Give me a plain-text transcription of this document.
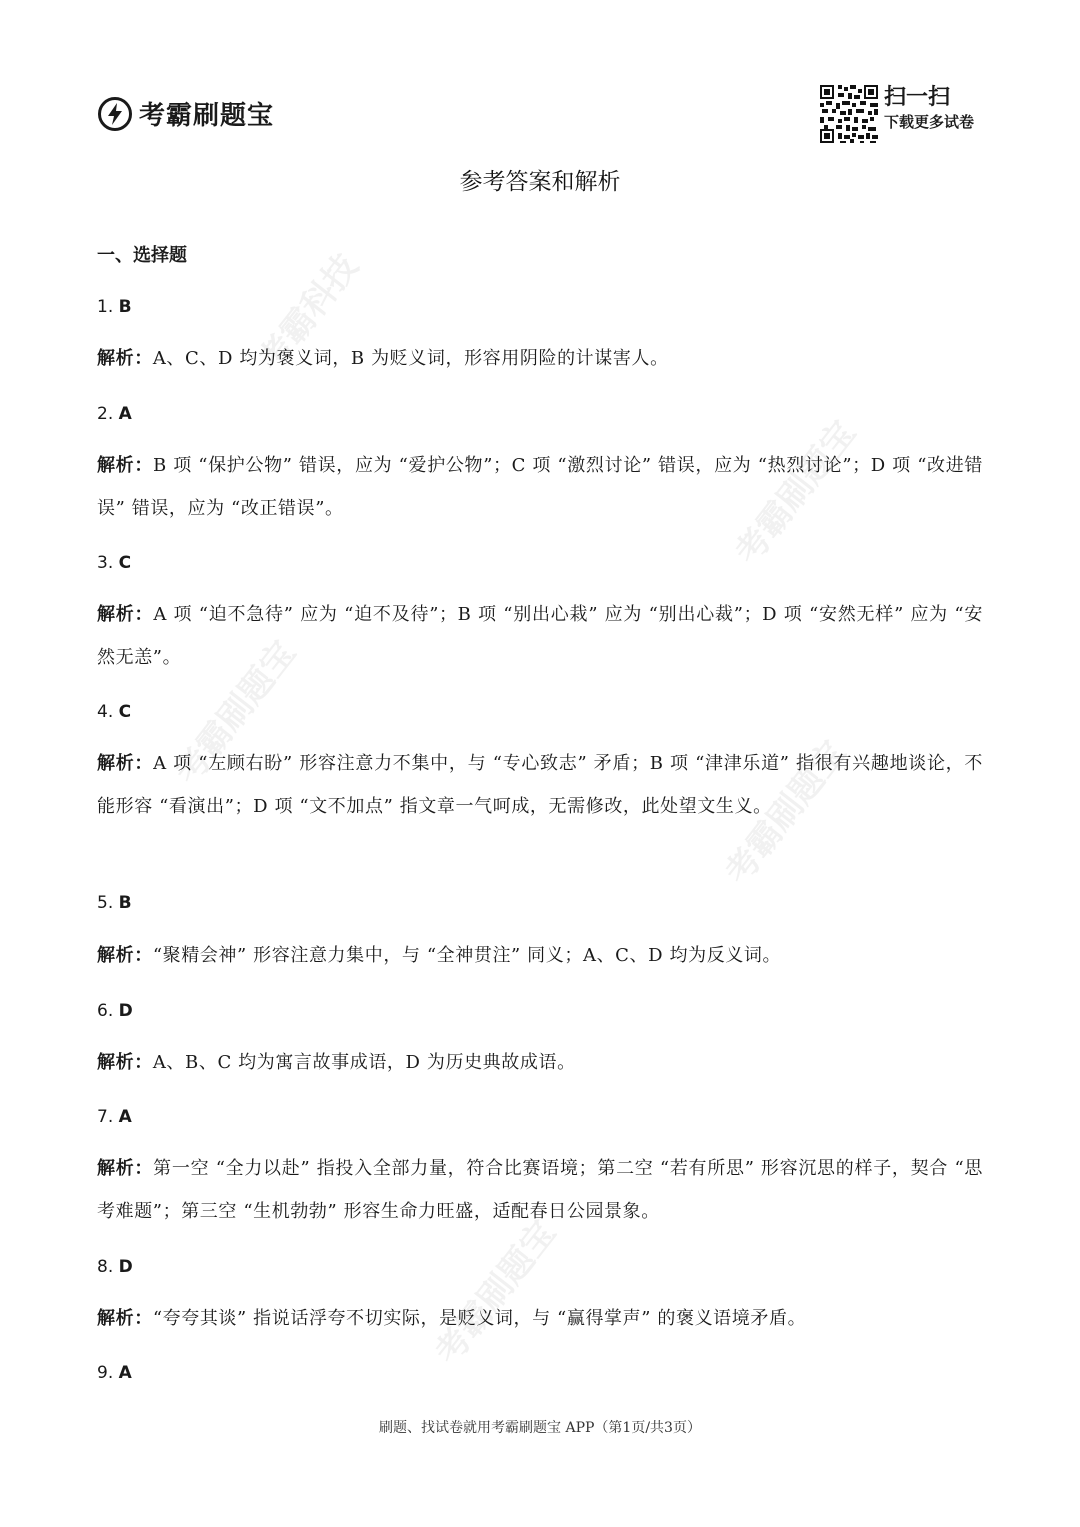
考霸科技
考霸刷题宝
考霸刷题宝
考霸刷题宝
考霸刷题宝
考霸刷题宝
扫一扫
下载更多试卷
参考答案和解析
一、选择题
1. B
解析：A、C、D 均为褒义词，B 为贬义词，形容用阴险的计谋害人。
2. A
解析：B 项 “保护公物” 错误，应为 “爱护公物”；C 项 “激烈讨论” 错误，应为 “热烈讨论”；D 项 “改进错误” 错误，应为 “改正错误”。
3. C
解析：A 项 “迫不急待” 应为 “迫不及待”；B 项 “别出心栽” 应为 “别出心裁”；D 项 “安然无样” 应为 “安然无恙”。
4. C
解析：A 项 “左顾右盼” 形容注意力不集中，与 “专心致志” 矛盾；B 项 “津津乐道” 指很有兴趣地谈论，不能形容 “看演出”；D 项 “文不加点” 指文章一气呵成，无需修改，此处望文生义。
5. B
解析：“聚精会神” 形容注意力集中，与 “全神贯注” 同义；A、C、D 均为反义词。
6. D
解析：A、B、C 均为寓言故事成语，D 为历史典故成语。
7. A
解析：第一空 “全力以赴” 指投入全部力量，符合比赛语境；第二空 “若有所思” 形容沉思的样子，契合 “思考难题”；第三空 “生机勃勃” 形容生命力旺盛，适配春日公园景象。
8. D
解析：“夸夸其谈” 指说话浮夸不切实际，是贬义词，与 “赢得掌声” 的褒义语境矛盾。
9. A
刷题、找试卷就用考霸刷题宝 APP（第1页/共3页）
